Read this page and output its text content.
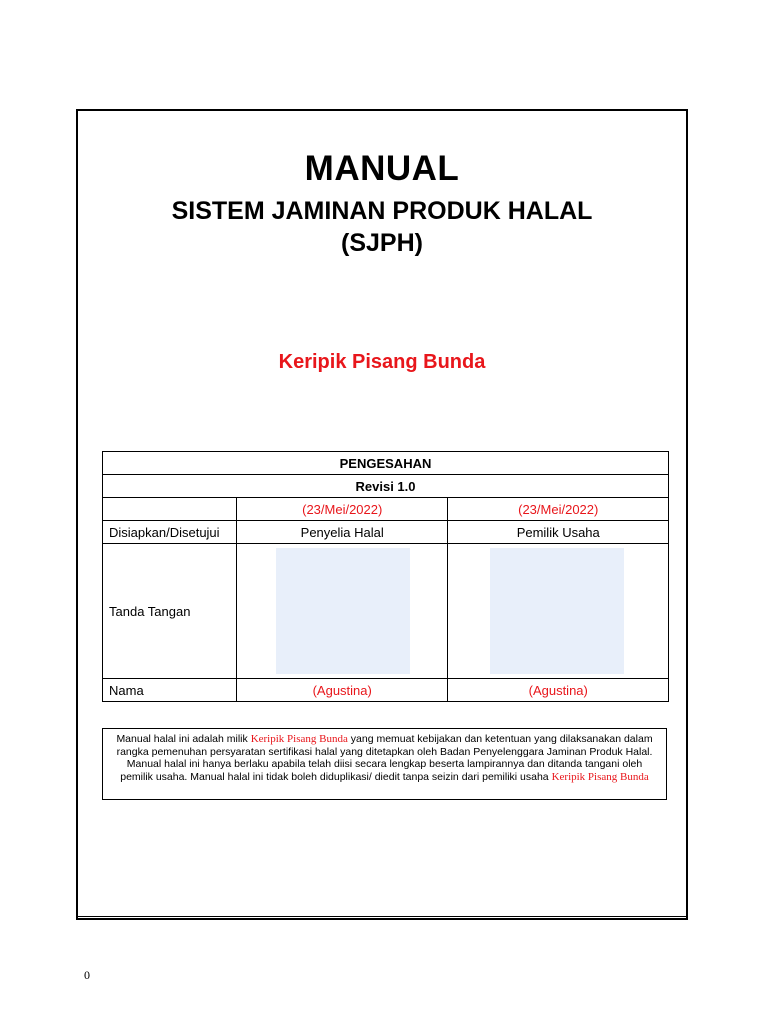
MANUAL
SISTEM JAMINAN PRODUK HALAL
(SJPH)
Keripik Pisang Bunda
PENGESAHAN		
Revisi 1.0		
	(23/Mei/2022)	(23/Mei/2022)
Disiapkan/Disetujui	Penyelia Halal	Pemilik Usaha
Tanda Tangan	

Nama	(Agustina)	(Agustina)
Manual halal ini adalah milik Keripik Pisang Bunda yang memuat kebijakan dan ketentuan yang dilaksanakan dalam rangka pemenuhan persyaratan sertifikasi halal yang ditetapkan oleh Badan Penyelenggara Jaminan Produk Halal. Manual halal ini hanya berlaku apabila telah diisi secara lengkap beserta lampirannya dan ditanda tangani oleh pemilik usaha. Manual halal ini tidak boleh diduplikasi/ diedit tanpa seizin dari pemiliki usaha Keripik Pisang Bunda
0
